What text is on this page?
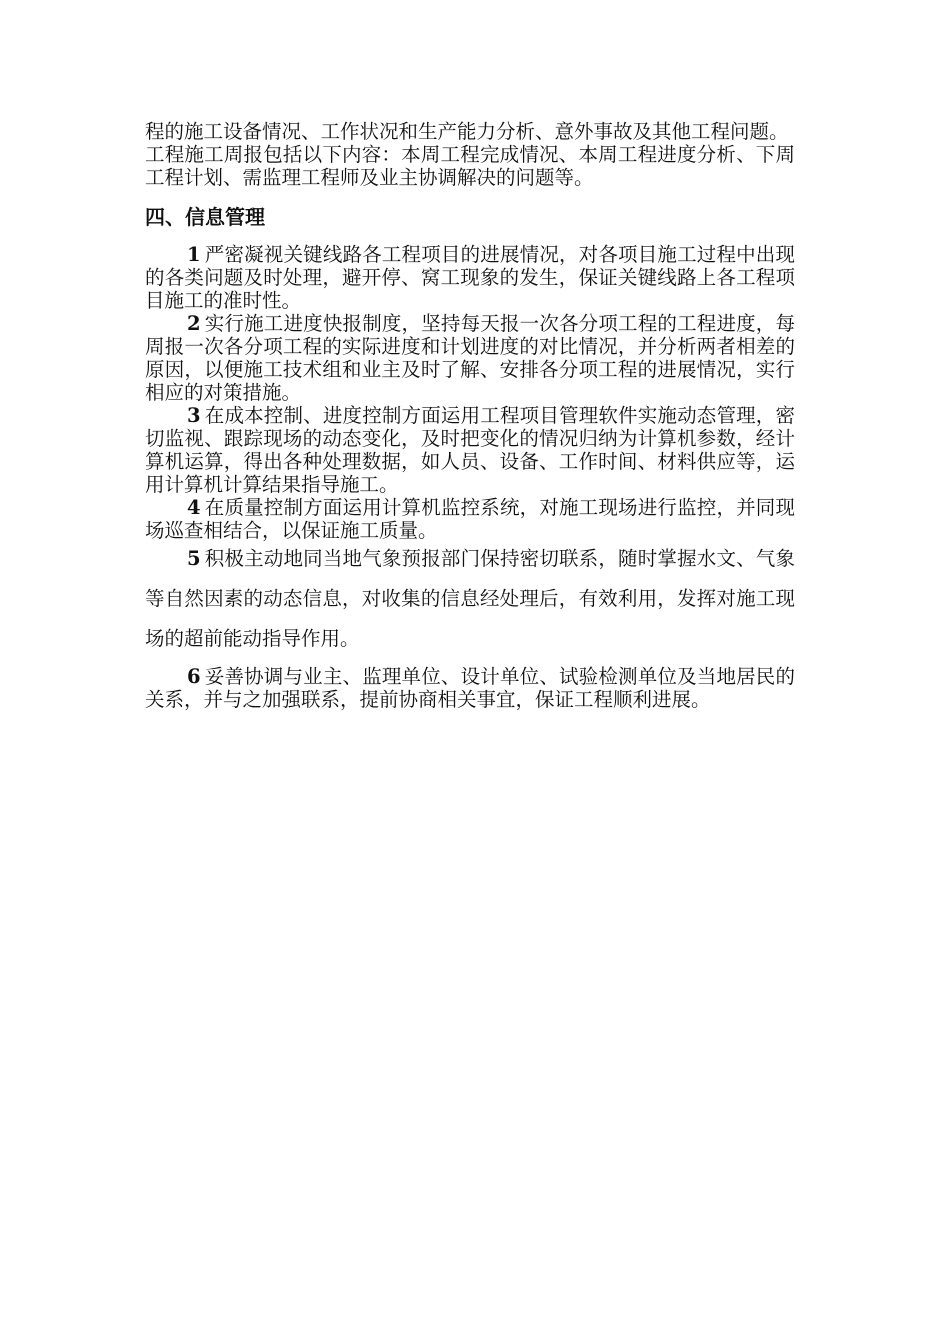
程的施工设备情况、工作状况和生产能力分析、意外事故及其他工程问题。

工程施工周报包括以下内容：本周工程完成情况、本周工程进度分析、下周工程计划、需监理工程师及业主协调解决的问题等。

四、信息管理

1 严密凝视关键线路各工程项目的进展情况，对各项目施工过程中出现的各类问题及时处理，避开停、窝工现象的发生，保证关键线路上各工程项目施工的准时性。

2 实行施工进度快报制度，坚持每天报一次各分项工程的工程进度，每周报一次各分项工程的实际进度和计划进度的对比情况，并分析两者相差的原因，以便施工技术组和业主及时了解、安排各分项工程的进展情况，实行相应的对策措施。

3 在成本控制、进度控制方面运用工程项目管理软件实施动态管理，密切监视、跟踪现场的动态变化，及时把变化的情况归纳为计算机参数，经计算机运算，得出各种处理数据，如人员、设备、工作时间、材料供应等，运用计算机计算结果指导施工。

4 在质量控制方面运用计算机监控系统，对施工现场进行监控，并同现场巡查相结合，以保证施工质量。

5 积极主动地同当地气象预报部门保持密切联系，随时掌握水文、气象等自然因素的动态信息，对收集的信息经处理后，有效利用，发挥对施工现场的超前能动指导作用。

6 妥善协调与业主、监理单位、设计单位、试验检测单位及当地居民的关系，并与之加强联系，提前协商相关事宜，保证工程顺利进展。
